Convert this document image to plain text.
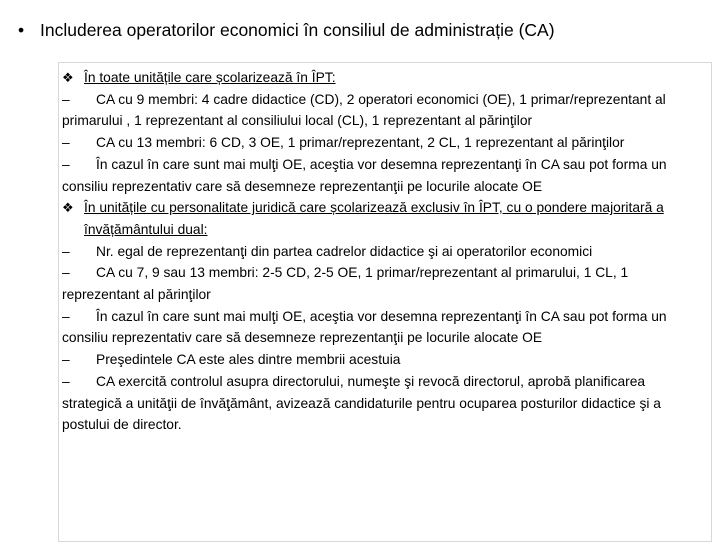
• Includerea operatorilor economici în consiliul de administrație (CA)
❖ În toate unitățile care școlarizează în ÎPT:
– CA cu 9 membri: 4 cadre didactice (CD), 2 operatori economici (OE), 1 primar/reprezentant al primarului , 1 reprezentant al consiliului local (CL), 1 reprezentant al părinţilor
– CA cu 13 membri: 6 CD, 3 OE, 1 primar/reprezentant, 2 CL, 1 reprezentant al părinţilor
– În cazul în care sunt mai mulţi OE, aceştia vor desemna reprezentanţi în CA sau pot forma un consiliu reprezentativ care să desemneze reprezentanţii pe locurile alocate OE
❖ În unitățile cu personalitate juridică care școlarizează exclusiv în ÎPT, cu o pondere majoritară a învățământului dual:
– Nr. egal de reprezentanţi din partea cadrelor didactice şi ai operatorilor economici
– CA cu 7, 9 sau 13 membri: 2-5 CD, 2-5 OE, 1 primar/reprezentant al primarului, 1 CL, 1 reprezentant al părinţilor
– În cazul în care sunt mai mulţi OE, aceştia vor desemna reprezentanţi în CA sau pot forma un consiliu reprezentativ care să desemneze reprezentanţii pe locurile alocate OE
– Preşedintele CA este ales dintre membrii acestuia
– CA exercită controlul asupra directorului, numeşte şi revocă directorul, aprobă planificarea strategică a unităţii de învăţământ, avizează candidaturile pentru ocuparea posturilor didactice şi a postului de director.
